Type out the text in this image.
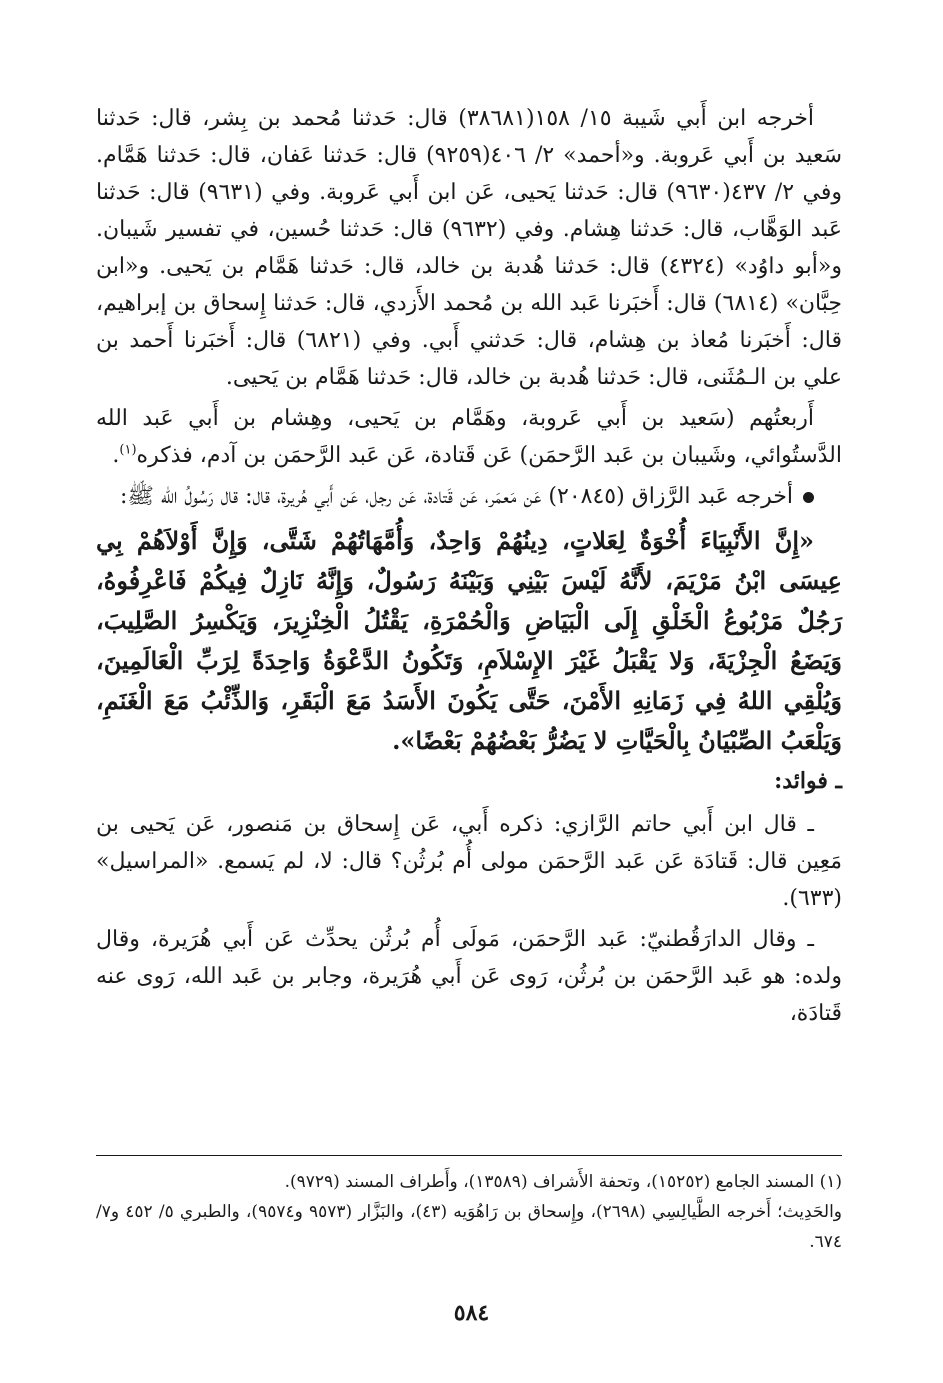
أخرجه ابن أَبي شَيبة ١٥/ ١٥٨(٣٨٦٨١) قال: حَدثنا مُحمد بن بِشر، قال: حَدثنا سَعيد بن أَبي عَروبة. و«أحمد» ٢/ ٤٠٦(٩٢٥٩) قال: حَدثنا عَفان، قال: حَدثنا هَمَّام. وفي ٢/ ٤٣٧(٩٦٣٠) قال: حَدثنا يَحيى، عَن ابن أَبي عَروبة. وفي (٩٦٣١) قال: حَدثنا عَبد الوَهَّاب، قال: حَدثنا هِشام. وفي (٩٦٣٢) قال: حَدثنا حُسين، في تفسير شَيبان. و«أبو داوُد» (٤٣٢٤) قال: حَدثنا هُدبة بن خالد، قال: حَدثنا هَمَّام بن يَحيى. و«ابن حِبَّان» (٦٨١٤) قال: أَخبَرنا عَبد الله بن مُحمد الأَزدي، قال: حَدثنا إِسحاق بن إبراهيم، قال: أَخبَرنا مُعاذ بن هِشام، قال: حَدثني أَبي. وفي (٦٨٢١) قال: أَخبَرنا أَحمد بن علي بن الـمُثَنى، قال: حَدثنا هُدبة بن خالد، قال: حَدثنا هَمَّام بن يَحيى.

أَربعتُهم (سَعيد بن أَبي عَروبة، وهَمَّام بن يَحيى، وهِشام بن أَبي عَبد الله الدَّستُوائي، وشَيبان بن عَبد الرَّحمَن) عَن قَتادة، عَن عَبد الرَّحمَن بن آدم، فذكره$^{(١)}$.

أخرجه عَبد الرَّزاق (٢٠٨٤٥) عَن مَعمَر، عَن قَتادة، عَن رجل، عَن أَبي هُريرة، قال: قال رَسُولُ الله ﷺ:

«إِنَّ الأَنْبِيَاءَ أُخْوَةٌ لِعَلاتٍ، دِينُهُمْ وَاحِدٌ، وَأُمَّهَاتُهُمْ شَتَّى، وَإِنَّ أَوْلاَهُمْ بِي عِيسَى ابْنُ مَرْيَمَ، لأَنَّهُ لَيْسَ بَيْنِي وَبَيْنَهُ رَسُولٌ، وَإِنَّهُ نَازِلٌ فِيكُمْ فَاعْرِفُوهُ، رَجُلٌ مَرْبُوعُ الْخَلْقِ إِلَى الْبَيَاضِ وَالْحُمْرَةِ، يَقْتُلُ الْخِنْزِيرَ، وَيَكْسِرُ الصَّلِيبَ، وَيَضَعُ الْجِزْيَةَ، وَلا يَقْبَلُ غَيْرَ الإِسْلاَمِ، وَتَكُونُ الدَّعْوَةُ وَاحِدَةً لِرَبِّ الْعَالَمِينَ، وَيُلْقِي اللهُ فِي زَمَانِهِ الأَمْنَ، حَتَّى يَكُونَ الأَسَدُ مَعَ الْبَقَرِ، وَالذِّئْبُ مَعَ الْغَنَمِ، وَيَلْعَبُ الصِّبْيَانُ بِالْحَيَّاتِ لا يَضُرُّ بَعْضُهُمْ بَعْضًا».

ـ فوائد:

ـ قال ابن أَبي حاتم الرَّازي: ذكره أَبي، عَن إِسحاق بن مَنصور، عَن يَحيى بن مَعِين قال: قَتادَة عَن عَبد الرَّحمَن مولى أُم بُرثُن؟ قال: لا، لم يَسمع. «المراسيل» (٦٣٣).

ـ وقال الدارَقُطنيّ: عَبد الرَّحمَن، مَولَى أُم بُرثُن يحدِّث عَن أَبي هُرَيرة، وقال ولده: هو عَبد الرَّحمَن بن بُرثُن، رَوى عَن أَبي هُرَيرة، وجابر بن عَبد الله، رَوى عنه قَتادَة،

(١) المسند الجامع (١٥٢٥٢)، وتحفة الأَشراف (١٣٥٨٩)، وأَطراف المسند (٩٧٢٩).

والحَدِيث؛ أَخرجه الطَّيالِسِي (٢٦٩٨)، وإِسحاق بن رَاهُوَيه (٤٣)، والبَزَّار (٩٥٧٣ و٩٥٧٤)، والطبري ٥/ ٤٥٢ و٧/ ٦٧٤.

٥٨٤
